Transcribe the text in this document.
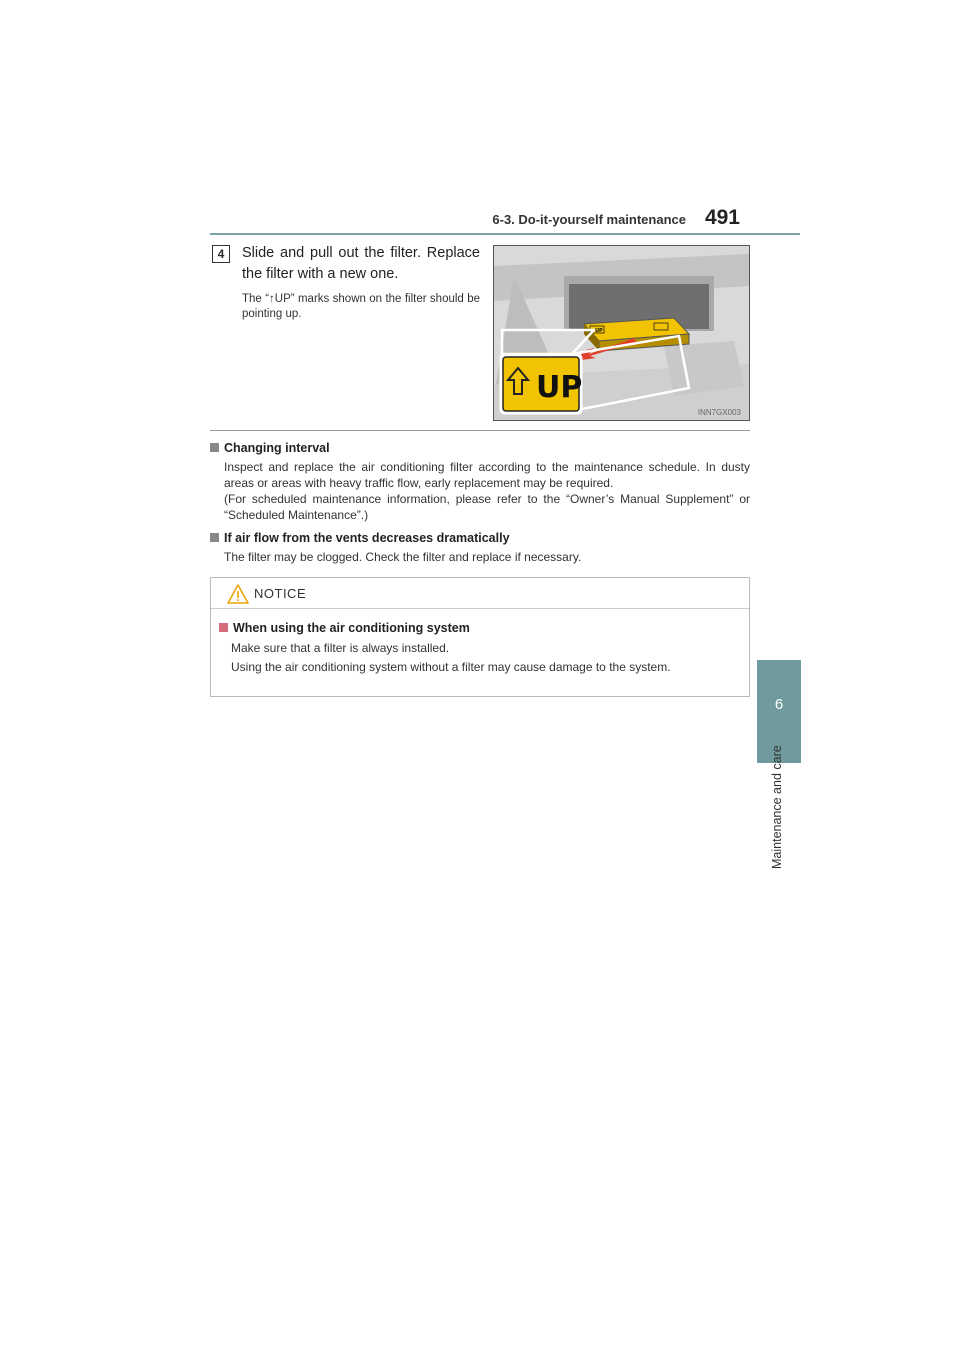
6-3. Do-it-yourself maintenance 491
6
Maintenance and care
4	Slide and pull out the filter. Replace the filter with a new one.
The “↑UP” marks shown on the filter should be pointing up.
UP
UP
INN7GX003
Changing interval

Inspect and replace the air conditioning filter according to the maintenance schedule. In dusty areas or areas with heavy traffic flow, early replacement may be required.

(For scheduled maintenance information, please refer to the “Owner’s Manual Supplement” or “Scheduled Maintenance”.)

If air flow from the vents decreases dramatically

The filter may be clogged. Check the filter and replace if necessary.

NOTICE
When using the air conditioning system

Make sure that a filter is always installed.

Using the air conditioning system without a filter may cause damage to the system.
